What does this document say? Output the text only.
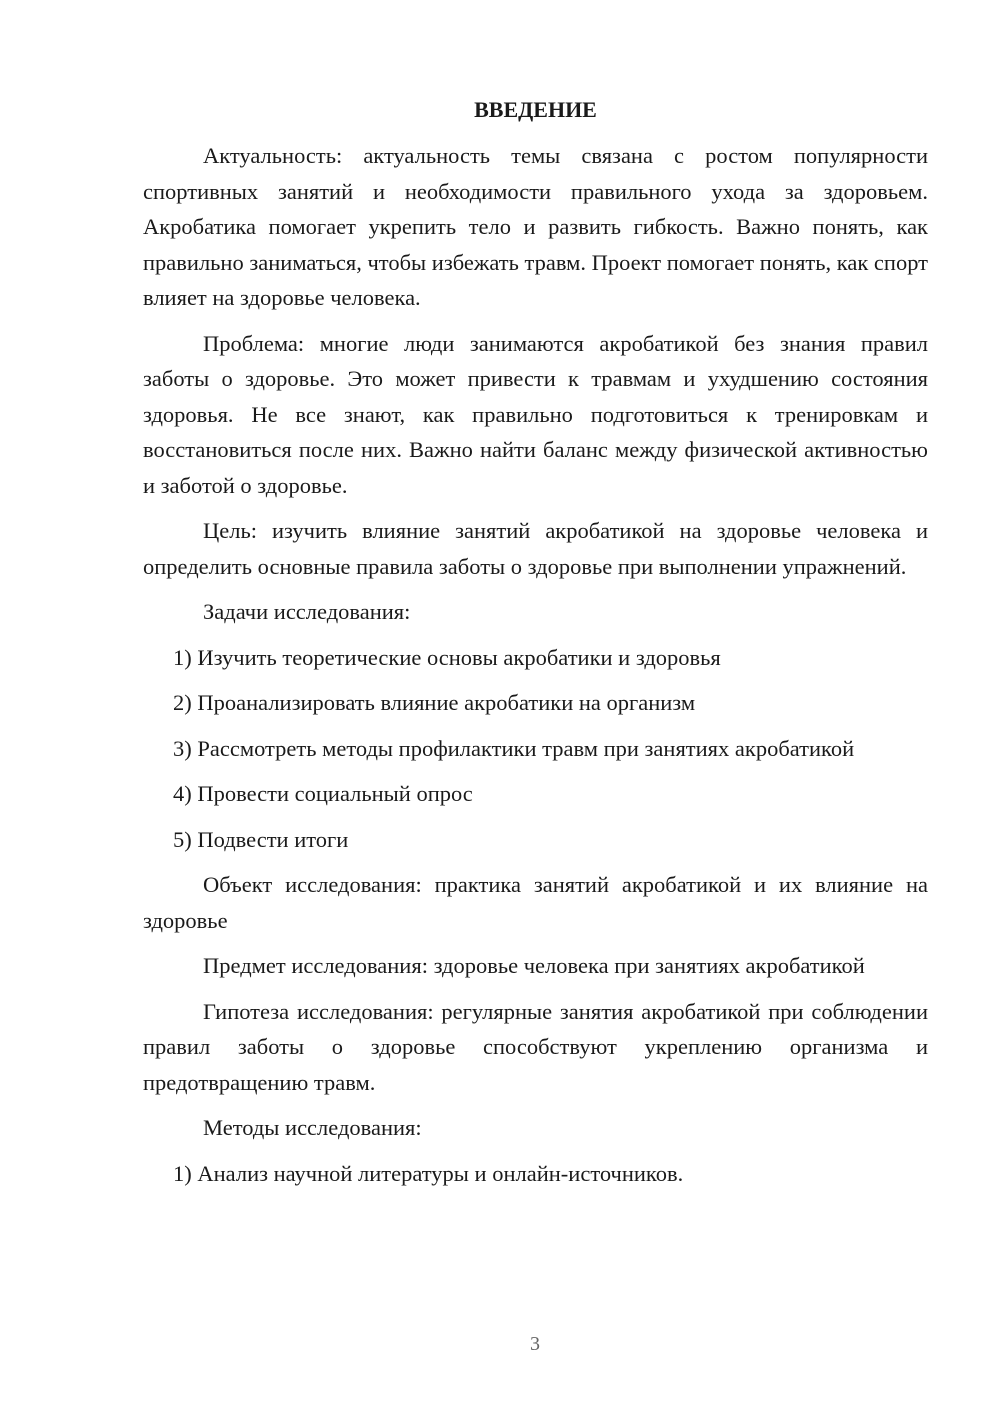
ВВЕДЕНИЕ

Актуальность: актуальность темы связана с ростом популярности спортивных занятий и необходимости правильного ухода за здоровьем. Акробатика помогает укрепить тело и развить гибкость. Важно понять, как правильно заниматься, чтобы избежать травм. Проект помогает понять, как спорт влияет на здоровье человека.

Проблема: многие люди занимаются акробатикой без знания правил заботы о здоровье. Это может привести к травмам и ухудшению состояния здоровья. Не все знают, как правильно подготовиться к тренировкам и восстановиться после них. Важно найти баланс между физической активностью и заботой о здоровье.

Цель: изучить влияние занятий акробатикой на здоровье человека и определить основные правила заботы о здоровье при выполнении упражнений.

Задачи исследования:

1) Изучить теоретические основы акробатики и здоровья

2) Проанализировать влияние акробатики на организм

3) Рассмотреть методы профилактики травм при занятиях акробатикой

4) Провести социальный опрос

5) Подвести итоги

Объект исследования: практика занятий акробатикой и их влияние на здоровье

Предмет исследования: здоровье человека при занятиях акробатикой

Гипотеза исследования: регулярные занятия акробатикой при соблюдении правил заботы о здоровье способствуют укреплению организма и предотвращению травм.

Методы исследования:

1) Анализ научной литературы и онлайн-источников.

3
